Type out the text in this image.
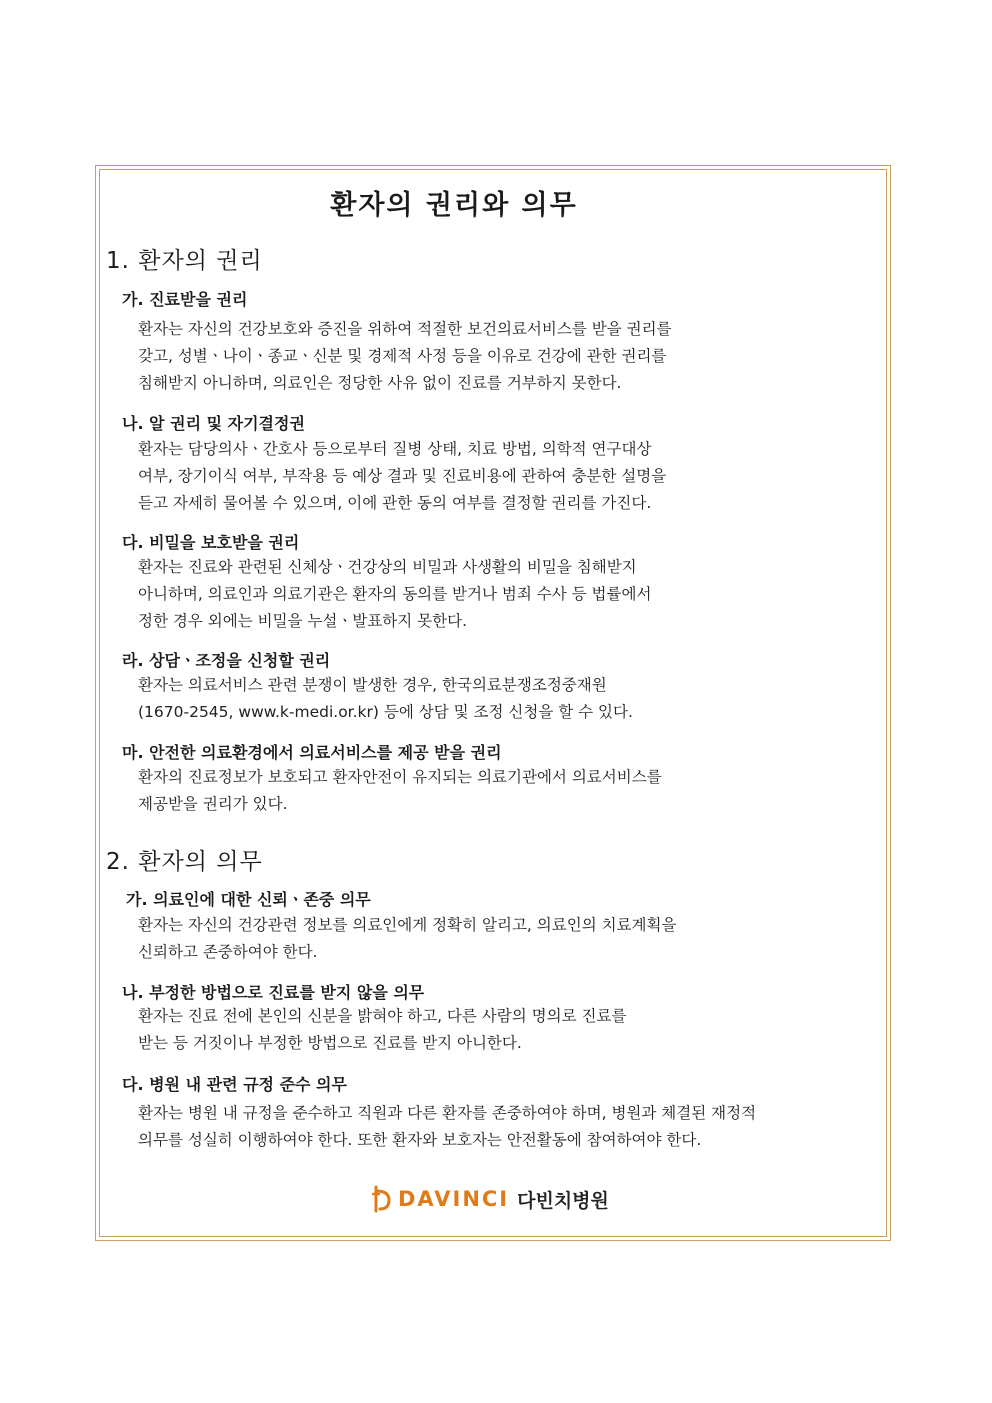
환자의 권리와 의무
1. 환자의 권리
가. 진료받을 권리

환자는 자신의 건강보호와 증진을 위하여 적절한 보건의료서비스를 받을 권리를
갖고, 성별ㆍ나이ㆍ종교ㆍ신분 및 경제적 사정 등을 이유로 건강에 관한 권리를
침해받지 아니하며, 의료인은 정당한 사유 없이 진료를 거부하지 못한다.

나. 알 권리 및 자기결정권

환자는 담당의사ㆍ간호사 등으로부터 질병 상태, 치료 방법, 의학적 연구대상
여부, 장기이식 여부, 부작용 등 예상 결과 및 진료비용에 관하여 충분한 설명을
듣고 자세히 물어볼 수 있으며, 이에 관한 동의 여부를 결정할 권리를 가진다.

다. 비밀을 보호받을 권리

환자는 진료와 관련된 신체상ㆍ건강상의 비밀과 사생활의 비밀을 침해받지
아니하며, 의료인과 의료기관은 환자의 동의를 받거나 범죄 수사 등 법률에서
정한 경우 외에는 비밀을 누설ㆍ발표하지 못한다.

라. 상담ㆍ조정을 신청할 권리

환자는 의료서비스 관련 분쟁이 발생한 경우, 한국의료분쟁조정중재원
(1670-2545, www.k-medi.or.kr) 등에 상담 및 조정 신청을 할 수 있다.

마. 안전한 의료환경에서 의료서비스를 제공 받을 권리

환자의 진료정보가 보호되고 환자안전이 유지되는 의료기관에서 의료서비스를
제공받을 권리가 있다.

2. 환자의 의무
가. 의료인에 대한 신뢰ㆍ존중 의무

환자는 자신의 건강관련 정보를 의료인에게 정확히 알리고, 의료인의 치료계획을
신뢰하고 존중하여야 한다.

나. 부정한 방법으로 진료를 받지 않을 의무

환자는 진료 전에 본인의 신분을 밝혀야 하고, 다른 사람의 명의로 진료를
받는 등 거짓이나 부정한 방법으로 진료를 받지 아니한다.

다. 병원 내 관련 규정 준수 의무

환자는 병원 내 규정을 준수하고 직원과 다른 환자를 존중하여야 하며, 병원과 체결된 재정적
의무를 성실히 이행하여야 한다. 또한 환자와 보호자는 안전활동에 참여하여야 한다.

DAVINCI 다빈치병원
